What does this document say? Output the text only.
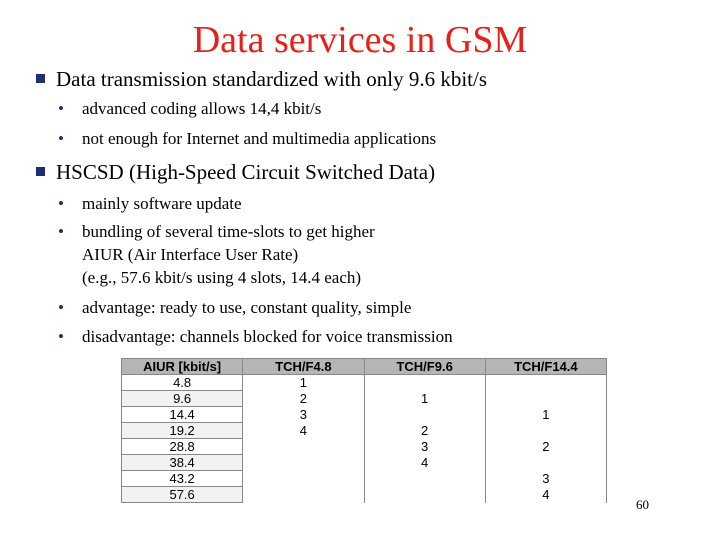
Data services in GSM
Data transmission standardized with only 9.6 kbit/s
• advanced coding allows 14,4 kbit/s
• not enough for Internet and multimedia applications
HSCSD (High-Speed Circuit Switched Data)
• mainly software update
• bundling of several time-slots to get higher
AIUR (Air Interface User Rate)
(e.g., 57.6 kbit/s using 4 slots, 14.4 each)
• advantage: ready to use, constant quality, simple
• disadvantage: channels blocked for voice transmission
AIUR [kbit/s]	TCH/F4.8	TCH/F9.6	TCH/F14.4
4.8	1		
9.6	2	1	
14.4	3		1
19.2	4	2	
28.8		3	2
38.4		4	
43.2			3
57.6			4
60
